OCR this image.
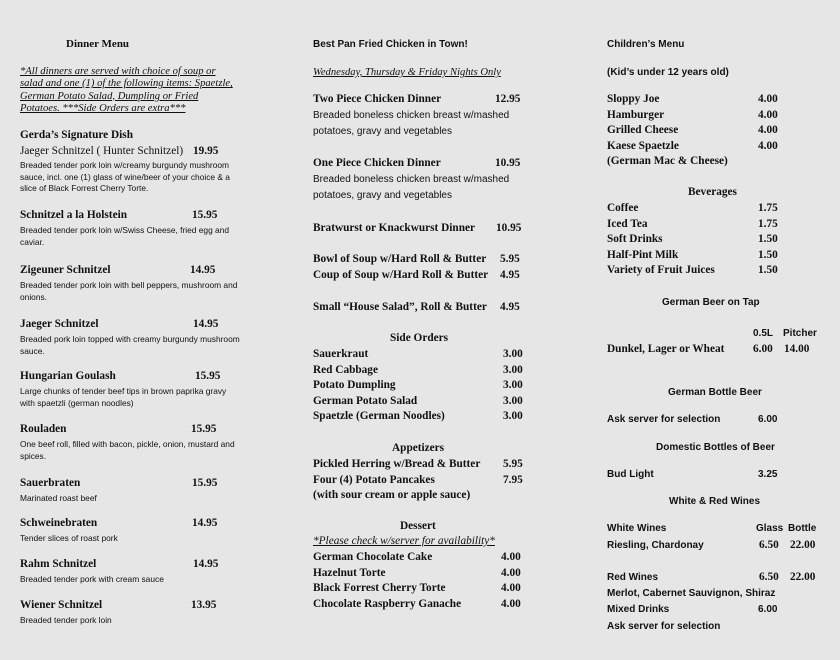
Dinner Menu
*All dinners are served with choice of soup or salad and one (1) of the following items: Spaetzle, German Potato Salad, Dumpling or Fried Potatoes. ***Side Orders are extra***
Gerda’s Signature Dish
Jaeger Schnitzel ( Hunter Schnitzel) 19.95
Breaded tender pork loin w/creamy burgundy mushroom sauce, incl. one (1) glass of wine/beer of your choice & a slice of Black Forrest Cherry Torte.
Schnitzel a la Holstein	15.95
Breaded tender pork loin w/Swiss Cheese, fried egg and caviar.
Zigeuner Schnitzel	14.95
Breaded tender pork loin with bell peppers, mushroom and onions.
Jaeger Schnitzel	14.95
Breaded pork loin topped with creamy burgundy mushroom sauce.
Hungarian Goulash	15.95
Large chunks of tender beef tips in brown paprika gravy with spaetzli (german noodles)
Rouladen	15.95
One beef roll, filled with bacon, pickle, onion, mustard and spices.
Sauerbraten	15.95
Marinated roast beef
Schweinebraten	14.95
Tender slices of roast pork
Rahm Schnitzel	14.95
Breaded tender pork with cream sauce
Wiener Schnitzel	13.95
Breaded tender pork loin
Best Pan Fried Chicken in Town!
Wednesday, Thursday & Friday Nights Only
Two Piece Chicken Dinner	12.95
Breaded boneless chicken breast w/mashed
potatoes, gravy and vegetables
One Piece Chicken Dinner	10.95
Breaded boneless chicken breast w/mashed
potatoes, gravy and vegetables
Bratwurst or Knackwurst Dinner 10.95
Bowl of Soup w/Hard Roll & Butter 5.95
Coup of Soup w/Hard Roll & Butter 4.95
Small “House Salad”, Roll & Butter 4.95
Side Orders
Sauerkraut	3.00
Red Cabbage	3.00
Potato Dumpling	3.00
German Potato Salad	3.00
Spaetzle (German Noodles)	3.00
Appetizers
Pickled Herring w/Bread & Butter 5.95
Four (4) Potato Pancakes	7.95
(with sour cream or apple sauce)
Dessert
*Please check w/server for availability*
German Chocolate Cake	4.00
Hazelnut Torte	4.00
Black Forrest Cherry Torte	4.00
Chocolate Raspberry Ganache	4.00
Children’s Menu
(Kid’s under 12 years old)
Sloppy Joe	4.00
Hamburger	4.00
Grilled Cheese	4.00
Kaese Spaetzle	4.00
(German Mac & Cheese)
Beverages
Coffee	1.75
Iced Tea	1.75
Soft Drinks	1.50
Half-Pint Milk	1.50
Variety of Fruit Juices	1.50
German Beer on Tap
0.5L Pitcher
Dunkel, Lager or Wheat	6.00 14.00
German Bottle Beer
Ask server for selection	6.00
Domestic Bottles of Beer
Bud Light	3.25
White & Red Wines
White Wines	Glass Bottle
Riesling, Chardonay	6.50 22.00
Red Wines	6.50 22.00
Merlot, Cabernet Sauvignon, Shiraz
Mixed Drinks	6.00
Ask server for selection
